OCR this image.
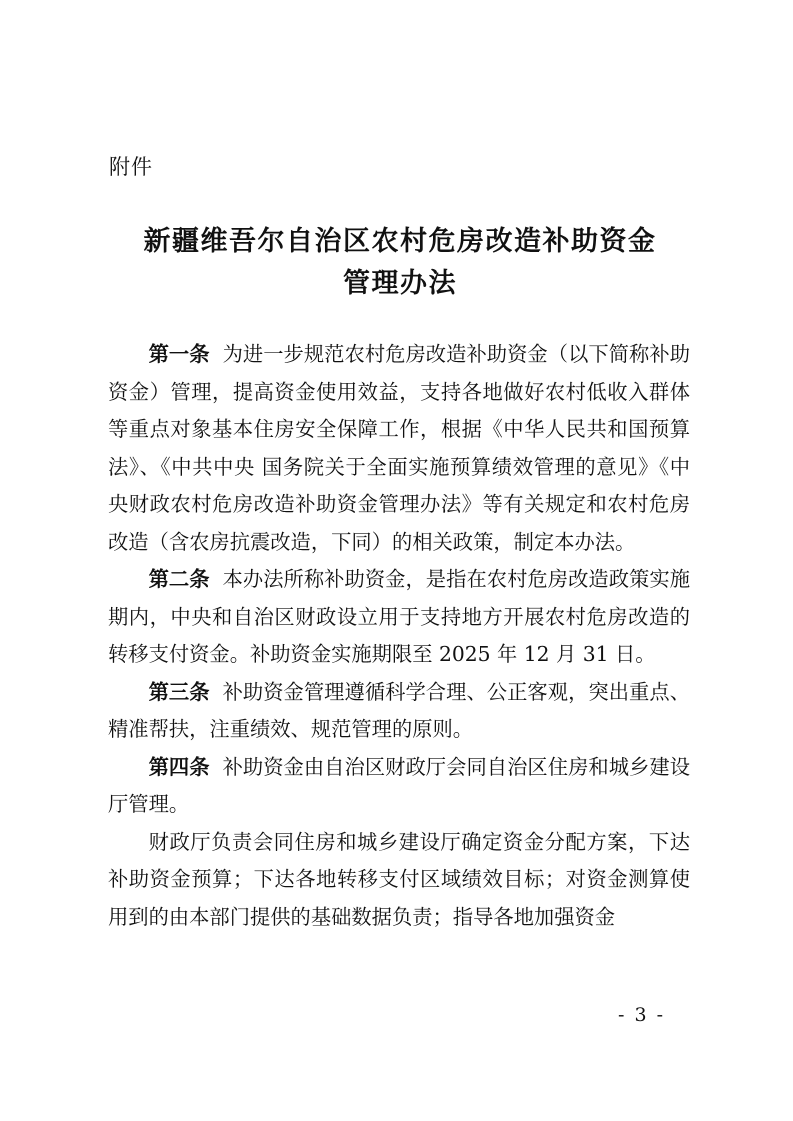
附件
新疆维吾尔自治区农村危房改造补助资金
管理办法

第一条 为进一步规范农村危房改造补助资金（以下简称补助资金）管理，提高资金使用效益，支持各地做好农村低收入群体等重点对象基本住房安全保障工作，根据《中华人民共和国预算法》、《中共中央 国务院关于全面实施预算绩效管理的意见》《中央财政农村危房改造补助资金管理办法》等有关规定和农村危房改造（含农房抗震改造，下同）的相关政策，制定本办法。

第二条 本办法所称补助资金，是指在农村危房改造政策实施期内，中央和自治区财政设立用于支持地方开展农村危房改造的转移支付资金。补助资金实施期限至 2025 年 12 月 31 日。

第三条 补助资金管理遵循科学合理、公正客观，突出重点、精准帮扶，注重绩效、规范管理的原则。

第四条 补助资金由自治区财政厅会同自治区住房和城乡建设厅管理。

财政厅负责会同住房和城乡建设厅确定资金分配方案，下达补助资金预算；下达各地转移支付区域绩效目标；对资金测算使用到的由本部门提供的基础数据负责；指导各地加强资金

- 3 -
